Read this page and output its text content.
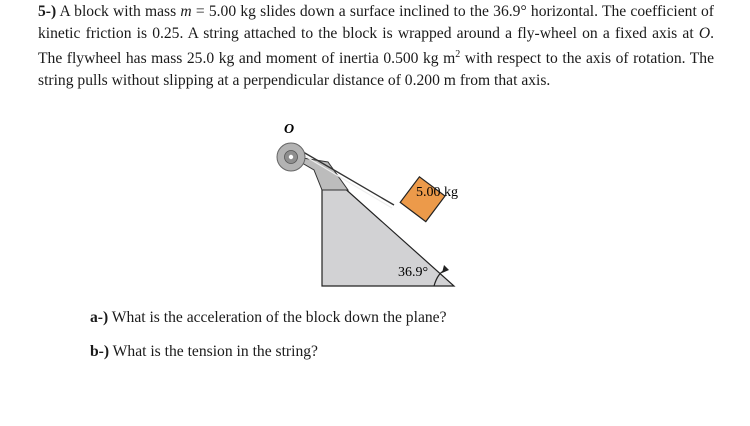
5-) A block with mass m = 5.00 kg slides down a surface inclined to the 36.9° horizontal. The coefficient of kinetic friction is 0.25. A string attached to the block is wrapped around a fly-wheel on a fixed axis at O. The flywheel has mass 25.0 kg and moment of inertia 0.500 kg $m^2$ with respect to the axis of rotation. The string pulls without slipping at a perpendicular distance of 0.200 m from that axis.

O
5.00 kg
36.9°

a-) What is the acceleration of the block down the plane?

b-) What is the tension in the string?
